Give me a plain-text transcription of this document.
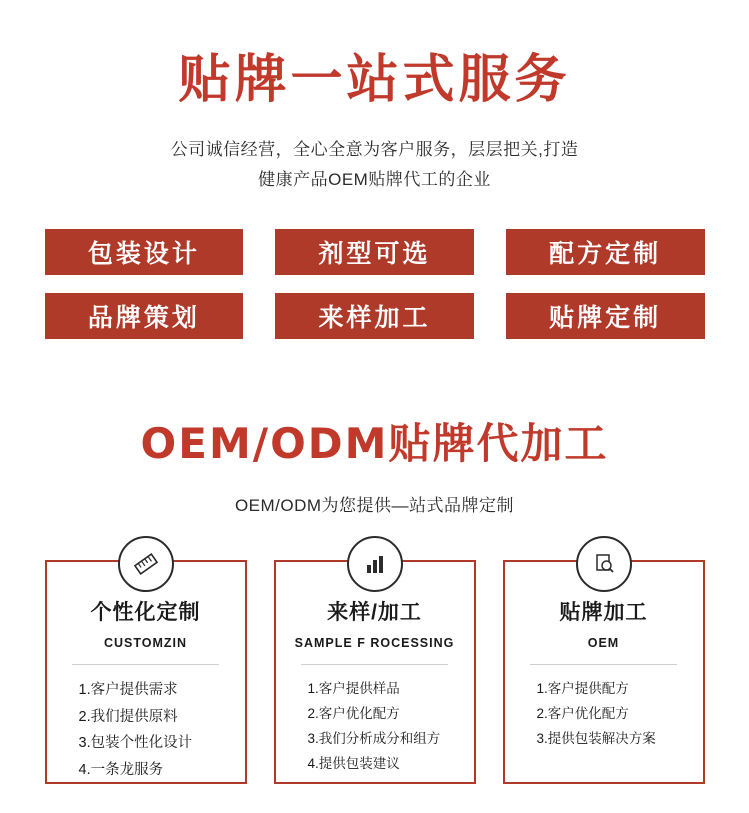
贴牌一站式服务
公司诚信经营，全心全意为客户服务，层层把关,打造
健康产品OEM贴牌代工的企业
包装设计	剂型可选	配方定制
品牌策划	来样加工	贴牌定制
OEM/ODM贴牌代加工
OEM/ODM为您提供—站式品牌定制
个性化定制
CUSTOMZIN
1.客户提供需求
2.我们提供原料
3.包装个性化设计
4.一条龙服务
来样/加工
SAMPLE F ROCESSING
1.客户提供样品
2.客户优化配方
3.我们分析成分和组方
4.提供包装建议
贴牌加工
OEM
1.客户提供配方
2.客户优化配方
3.提供包装解决方案
